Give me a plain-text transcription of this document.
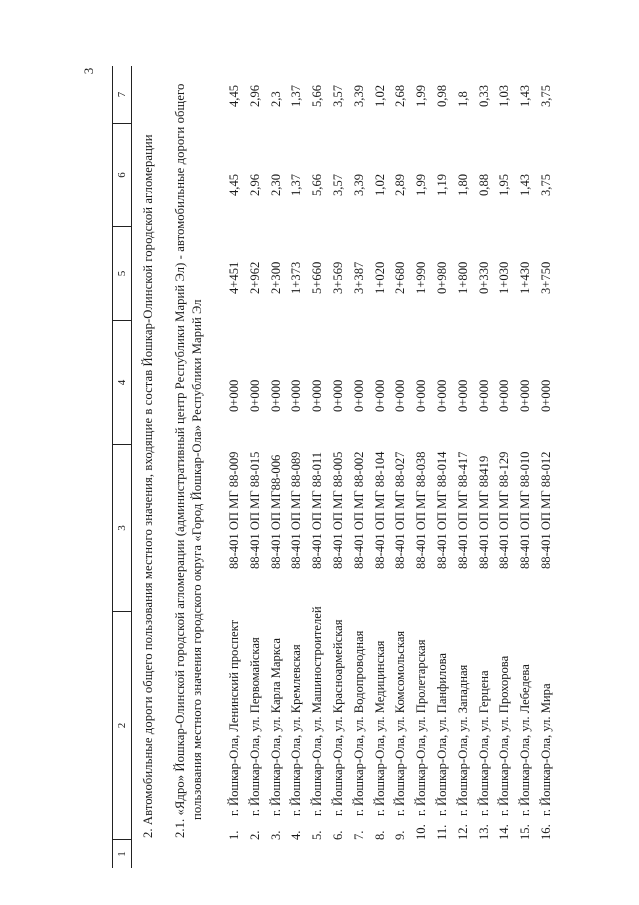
3
1
2
3
4
5
6
7
2. Автомобильные дороги общего пользования местного значения, входящие в состав Йошкар-Олинской городской агломерации 2.1. «Ядро» Йошкар-Олинской городской агломерации (административный центр Республики Марий Эл) - автомобильные дороги общего пользования местного значения городского округа «Город Йошкар-Ола» Республики Марий Эл
1.
г. Йошкар-Ола, Ленинский проспект
88-401 ОП МГ 88-009
0+000
4+451
4,45
4,45
2.
г. Йошкар-Ола, ул. Первомайская
88-401 ОП МГ 88-015
0+000
2+962
2,96
2,96
3.
г. Йошкар-Ола, ул. Карла Маркса
88-401 ОП МГ88-006
0+000
2+300
2,30
2,3
4.
г. Йошкар-Ола, ул. Кремлевская
88-401 ОП МГ 88-089
0+000
1+373
1,37
1,37
5.
г. Йошкар-Ола, ул. Машиностроителей
88-401 ОП МГ 88-011
0+000
5+660
5,66
5,66
6.
г. Йошкар-Ола, ул. Красноармейская
88-401 ОП МГ 88-005
0+000
3+569
3,57
3,57
7.
г. Йошкар-Ола, ул. Водопроводная
88-401 ОП МГ 88-002
0+000
3+387
3,39
3,39
8.
г. Йошкар-Ола, ул. Медицинская
88-401 ОП МГ 88-104
0+000
1+020
1,02
1,02
9.
г. Йошкар-Ола, ул. Комсомольская
88-401 ОП МГ 88-027
0+000
2+680
2,89
2,68
10.
г. Йошкар-Ола, ул. Пролетарская
88-401 ОП МГ 88-038
0+000
1+990
1,99
1,99
11.
г. Йошкар-Ола, ул. Панфилова
88-401 ОП МГ 88-014
0+000
0+980
1,19
0,98
12.
г. Йошкар-Ола, ул. Западная
88-401 ОП МГ 88-417
0+000
1+800
1,80
1,8
13.
г. Йошкар-Ола, ул. Герцена
88-401 ОП МГ 88419
0+000
0+330
0,88
0,33
14.
г. Йошкар-Ола, ул. Прохорова
88-401 ОП МГ 88-129
0+000
1+030
1,95
1,03
15.
г. Йошкар-Ола, ул. Лебедева
88-401 ОП МГ 88-010
0+000
1+430
1,43
1,43
16.
г. Йошкар-Ола, ул. Мира
88-401 ОП МГ 88-012
0+000
3+750
3,75
3,75
